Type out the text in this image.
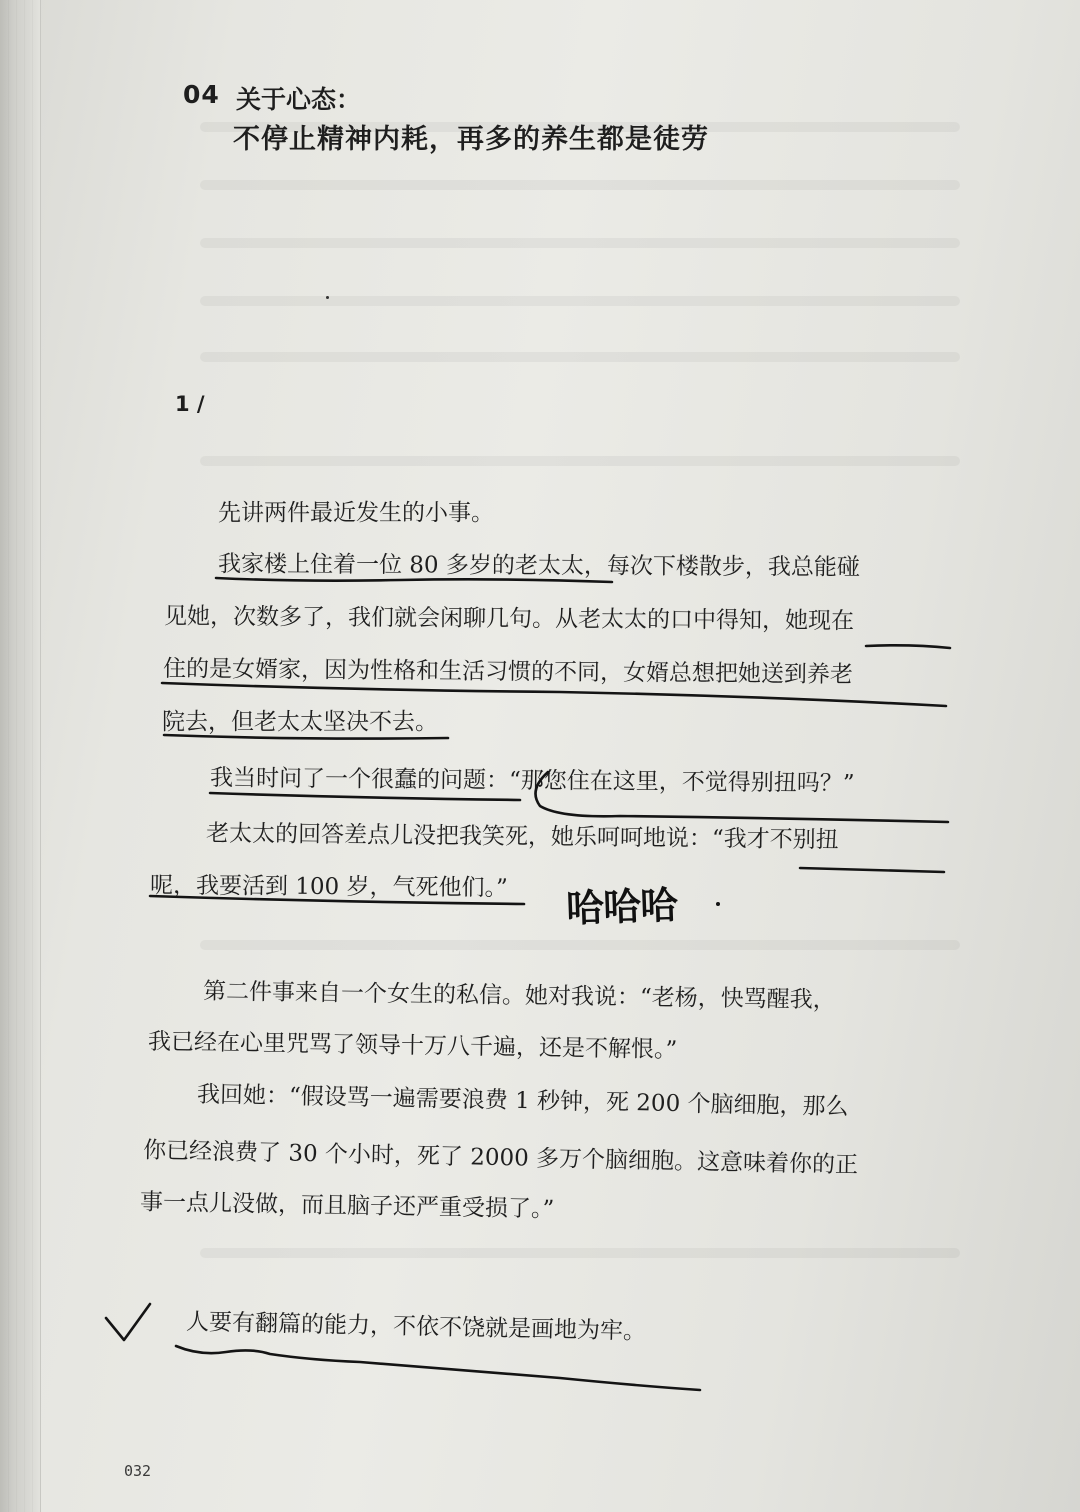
04 关于心态：
不停止精神内耗，再多的养生都是徒劳
1 /
先讲两件最近发生的小事。
我家楼上住着一位 80 多岁的老太太，每次下楼散步，我总能碰
见她，次数多了，我们就会闲聊几句。从老太太的口中得知，她现在
住的是女婿家，因为性格和生活习惯的不同，女婿总想把她送到养老
院去，但老太太坚决不去。
我当时问了一个很蠢的问题：“那您住在这里，不觉得别扭吗？”
老太太的回答差点儿没把我笑死，她乐呵呵地说：“我才不别扭
呢，我要活到 100 岁，气死他们。” 哈哈哈
第二件事来自一个女生的私信。她对我说：“老杨，快骂醒我，
我已经在心里咒骂了领导十万八千遍，还是不解恨。”
我回她：“假设骂一遍需要浪费 1 秒钟，死 200 个脑细胞，那么
你已经浪费了 30 个小时，死了 2000 多万个脑细胞。这意味着你的正
事一点儿没做，而且脑子还严重受损了。”
人要有翻篇的能力，不依不饶就是画地为牢。
032
